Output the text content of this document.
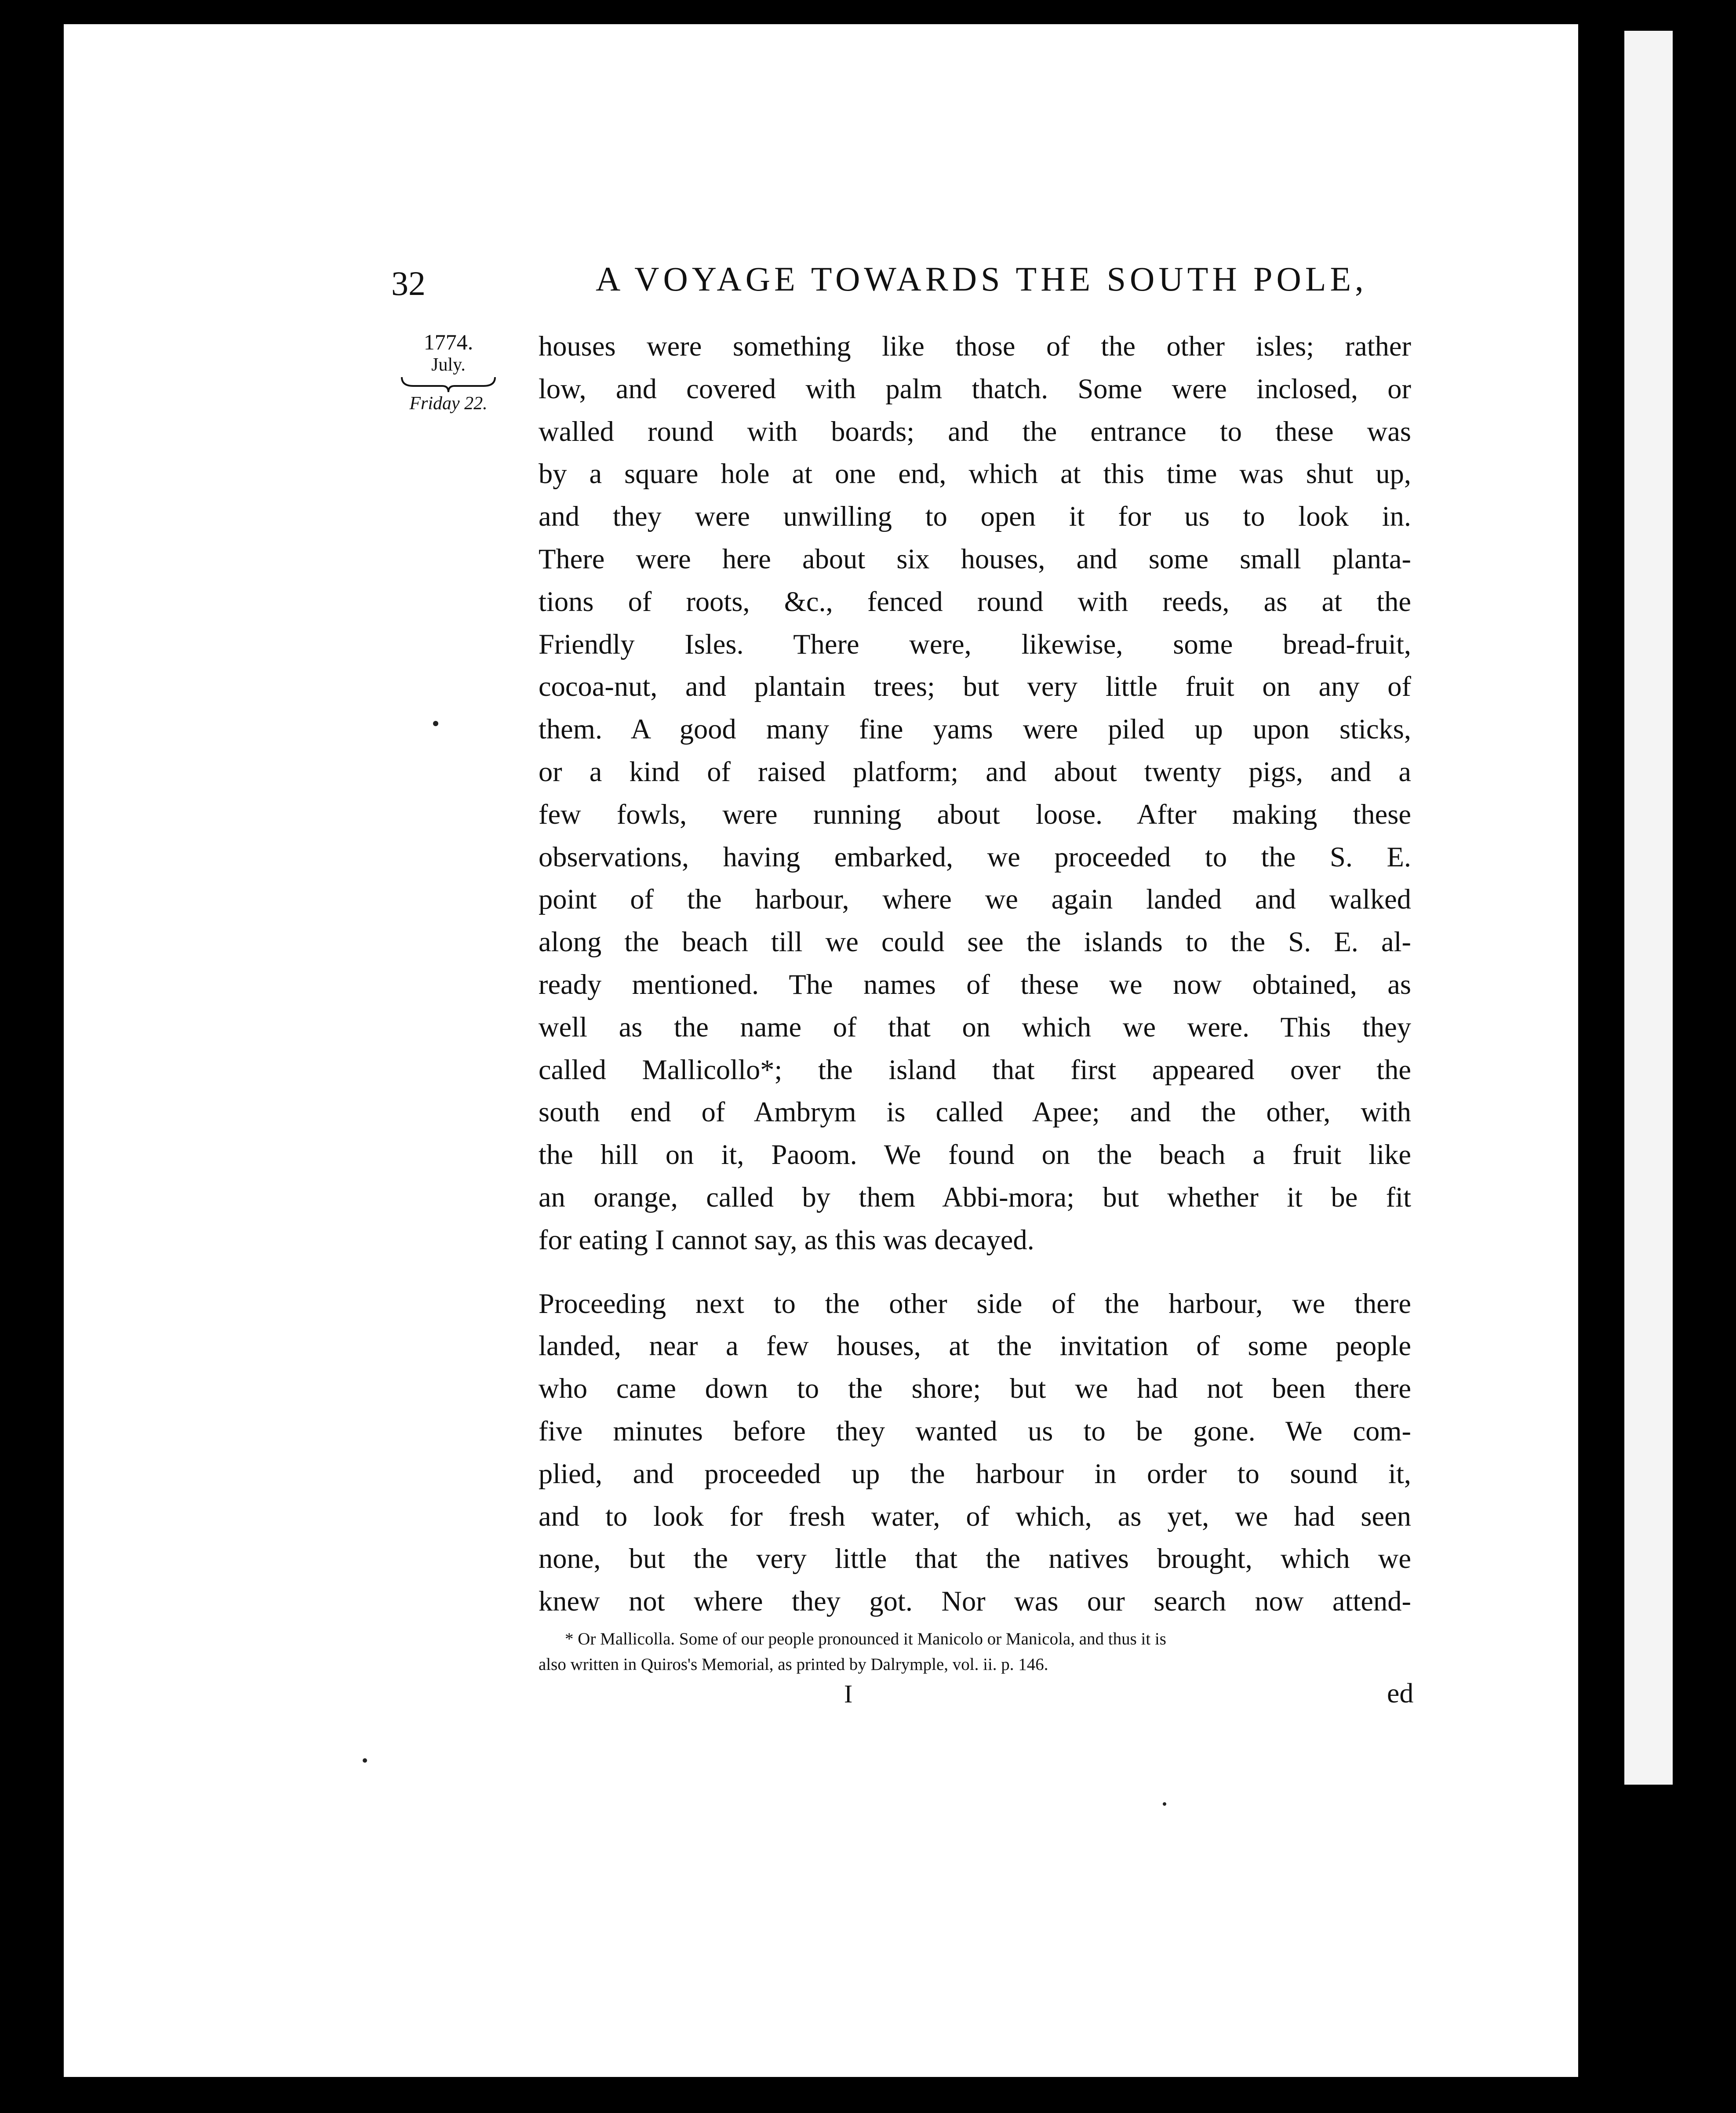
32	A VOYAGE TOWARDS THE SOUTH POLE,
1774.
July.
Friday 22.
houses were something like those of the other isles; rather
low, and covered with palm thatch. Some were inclosed, or
walled round with boards; and the entrance to these was
by a square hole at one end, which at this time was shut up,
and they were unwilling to open it for us to look in.
There were here about six houses, and some small planta-
tions of roots, &c., fenced round with reeds, as at the
Friendly Isles. There were, likewise, some bread-fruit,
cocoa-nut, and plantain trees; but very little fruit on any of
them. A good many fine yams were piled up upon sticks,
or a kind of raised platform; and about twenty pigs, and a
few fowls, were running about loose. After making these
observations, having embarked, we proceeded to the S. E.
point of the harbour, where we again landed and walked
along the beach till we could see the islands to the S. E. al-
ready mentioned. The names of these we now obtained, as
well as the name of that on which we were. This they
called Mallicollo*; the island that first appeared over the
south end of Ambrym is called Apee; and the other, with
the hill on it, Paoom. We found on the beach a fruit like
an orange, called by them Abbi-mora; but whether it be fit
for eating I cannot say, as this was decayed.
Proceeding next to the other side of the harbour, we there
landed, near a few houses, at the invitation of some people
who came down to the shore; but we had not been there
five minutes before they wanted us to be gone. We com-
plied, and proceeded up the harbour in order to sound it,
and to look for fresh water, of which, as yet, we had seen
none, but the very little that the natives brought, which we
knew not where they got. Nor was our search now attend-
* Or Mallicolla. Some of our people pronounced it Manicolo or Manicola, and thus it is
also written in Quiros's Memorial, as printed by Dalrymple, vol. ii. p. 146.
I	ed
